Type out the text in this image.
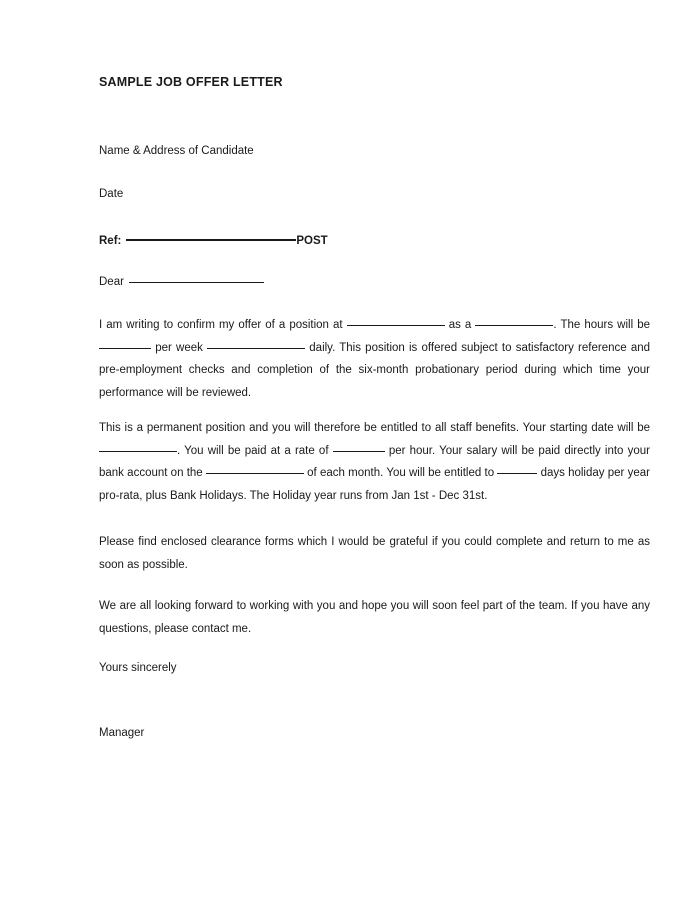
SAMPLE JOB OFFER LETTER
Name & Address of Candidate
Date
Ref:	POST
Dear

I am writing to confirm my offer of a position at	as a	. The hours will be  per week	daily. This position is offered subject to satisfactory reference and pre-employment checks and completion of the six-month probationary period during which time your performance will be reviewed.

This is a permanent position and you will therefore be entitled to all staff benefits. Your starting date will be . You will be paid at a rate of	per hour. Your salary will be paid directly into your bank account on the	of each month. You will be entitled to	days holiday per year pro-rata, plus Bank Holidays. The Holiday year runs from Jan 1st - Dec 31st.

Please find enclosed clearance forms which I would be grateful if you could complete and return to me as soon as possible.

We are all looking forward to working with you and hope you will soon feel part of the team. If you have any questions, please contact me.

Yours sincerely
Manager
